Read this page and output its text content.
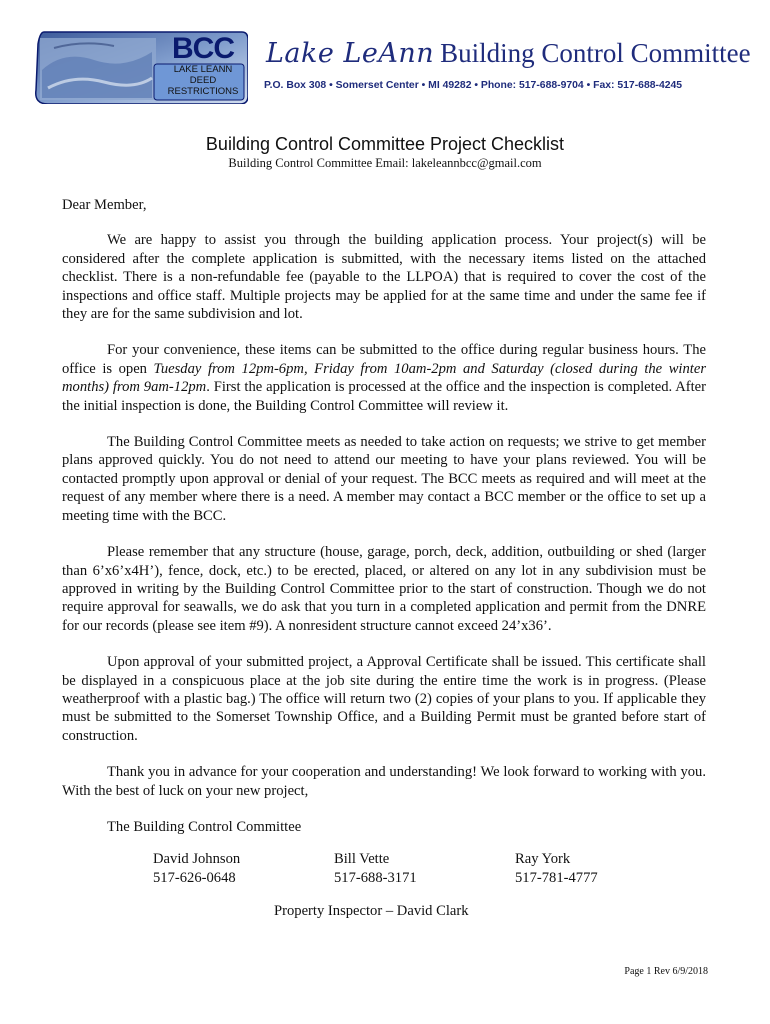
BCC
LAKE LEANN
DEED
RESTRICTIONS
Lake LeAnn Building Control Committee
P.O. Box 308 • Somerset Center • MI 49282 • Phone: 517-688-9704 • Fax: 517-688-4245
Building Control Committee Project Checklist
Building Control Committee Email: lakeleannbcc@gmail.com

Dear Member,

We are happy to assist you through the building application process. Your project(s) will be considered after the complete application is submitted, with the necessary items listed on the attached checklist. There is a non-refundable fee (payable to the LLPOA) that is required to cover the cost of the inspections and office staff. Multiple projects may be applied for at the same time and under the same fee if they are for the same subdivision and lot.

For your convenience, these items can be submitted to the office during regular business hours. The office is open Tuesday from 12pm-6pm, Friday from 10am-2pm and Saturday (closed during the winter months) from 9am-12pm. First the application is processed at the office and the inspection is completed. After the initial inspection is done, the Building Control Committee will review it.

The Building Control Committee meets as needed to take action on requests; we strive to get member plans approved quickly. You do not need to attend our meeting to have your plans reviewed. You will be contacted promptly upon approval or denial of your request. The BCC meets as required and will meet at the request of any member where there is a need. A member may contact a BCC member or the office to set up a meeting time with the BCC.

Please remember that any structure (house, garage, porch, deck, addition, outbuilding or shed (larger than 6’x6’x4H’), fence, dock, etc.) to be erected, placed, or altered on any lot in any subdivision must be approved in writing by the Building Control Committee prior to the start of construction. Though we do not require approval for seawalls, we do ask that you turn in a completed application and permit from the DNRE for our records (please see item #9). A nonresident structure cannot exceed 24’x36’.

Upon approval of your submitted project, a Approval Certificate shall be issued. This certificate shall be displayed in a conspicuous place at the job site during the entire time the work is in progress. (Please weatherproof with a plastic bag.) The office will return two (2) copies of your plans to you. If applicable they must be submitted to the Somerset Township Office, and a Building Permit must be granted before start of construction.

Thank you in advance for your cooperation and understanding! We look forward to working with you. With the best of luck on your new project,

The Building Control Committee
David Johnson
517-626-0648
Bill Vette
517-688-3171
Ray York
517-781-4777
Property Inspector – David Clark
Page 1 Rev 6/9/2018
